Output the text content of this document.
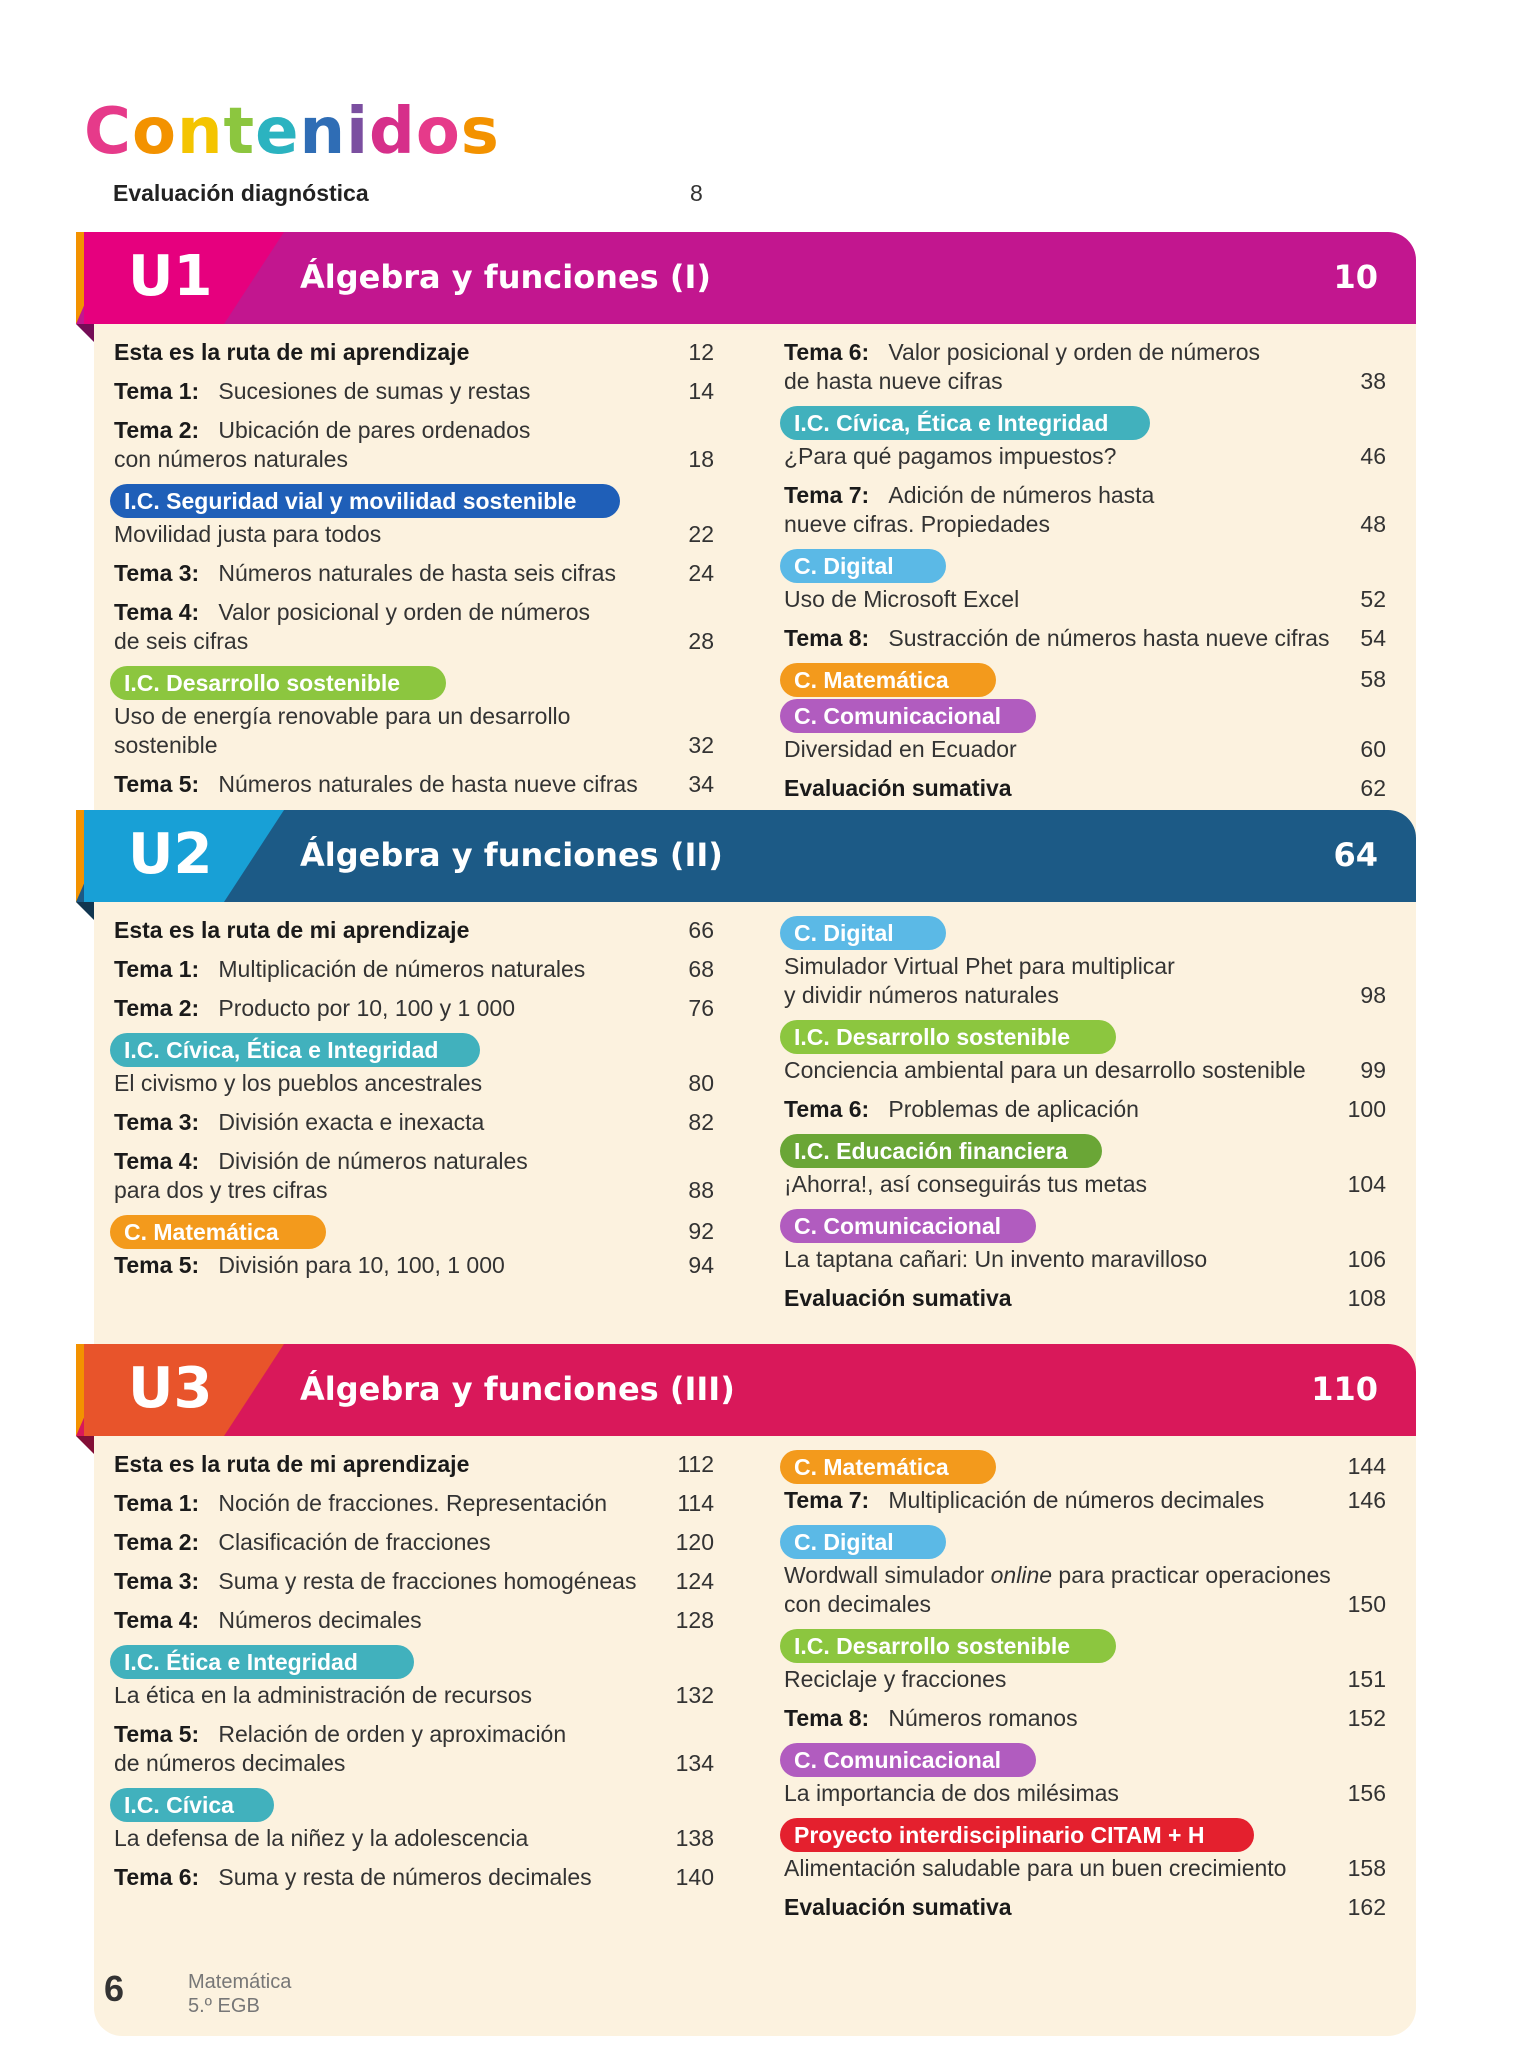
Contenidos
Evaluación diagnóstica	8
U1	Álgebra y funciones (I)	10
Esta es la ruta de mi aprendizaje	12
Tema 1: Sucesiones de sumas y restas	14
Tema 2: Ubicación de pares ordenados
con números naturales	18
I.C. Seguridad vial y movilidad sostenible
Movilidad justa para todos	22
Tema 3: Números naturales de hasta seis cifras	24
Tema 4: Valor posicional y orden de números
de seis cifras	28
I.C. Desarrollo sostenible
Uso de energía renovable para un desarrollo
sostenible	32
Tema 5: Números naturales de hasta nueve cifras	34
Tema 6: Valor posicional y orden de números
de hasta nueve cifras	38
I.C. Cívica, Ética e Integridad
¿Para qué pagamos impuestos?	46
Tema 7: Adición de números hasta
nueve cifras. Propiedades	48
C. Digital
Uso de Microsoft Excel	52
Tema 8: Sustracción de números hasta nueve cifras	54
C. Matemática	58
C. Comunicacional
Diversidad en Ecuador	60
Evaluación sumativa	62
U2	Álgebra y funciones (II)	64
Esta es la ruta de mi aprendizaje	66
Tema 1: Multiplicación de números naturales	68
Tema 2: Producto por 10, 100 y 1 000	76
I.C. Cívica, Ética e Integridad
El civismo y los pueblos ancestrales	80
Tema 3: División exacta e inexacta	82
Tema 4: División de números naturales
para dos y tres cifras	88
C. Matemática	92
Tema 5: División para 10, 100, 1 000	94
C. Digital
Simulador Virtual Phet para multiplicar
y dividir números naturales	98
I.C. Desarrollo sostenible
Conciencia ambiental para un desarrollo sostenible	99
Tema 6: Problemas de aplicación	100
I.C. Educación financiera
¡Ahorra!, así conseguirás tus metas	104
C. Comunicacional
La taptana cañari: Un invento maravilloso	106
Evaluación sumativa	108
U3	Álgebra y funciones (III)	110
Esta es la ruta de mi aprendizaje	112
Tema 1: Noción de fracciones. Representación	114
Tema 2: Clasificación de fracciones	120
Tema 3: Suma y resta de fracciones homogéneas	124
Tema 4: Números decimales	128
I.C. Ética e Integridad
La ética en la administración de recursos	132
Tema 5: Relación de orden y aproximación
de números decimales	134
I.C. Cívica
La defensa de la niñez y la adolescencia	138
Tema 6: Suma y resta de números decimales	140
C. Matemática	144
Tema 7: Multiplicación de números decimales	146
C. Digital
Wordwall simulador online para practicar operaciones
con decimales	150
I.C. Desarrollo sostenible
Reciclaje y fracciones	151
Tema 8: Números romanos	152
C. Comunicacional
La importancia de dos milésimas	156
Proyecto interdisciplinario CITAM + H
Alimentación saludable para un buen crecimiento	158
Evaluación sumativa	162
6	Matemática
5.º EGB
